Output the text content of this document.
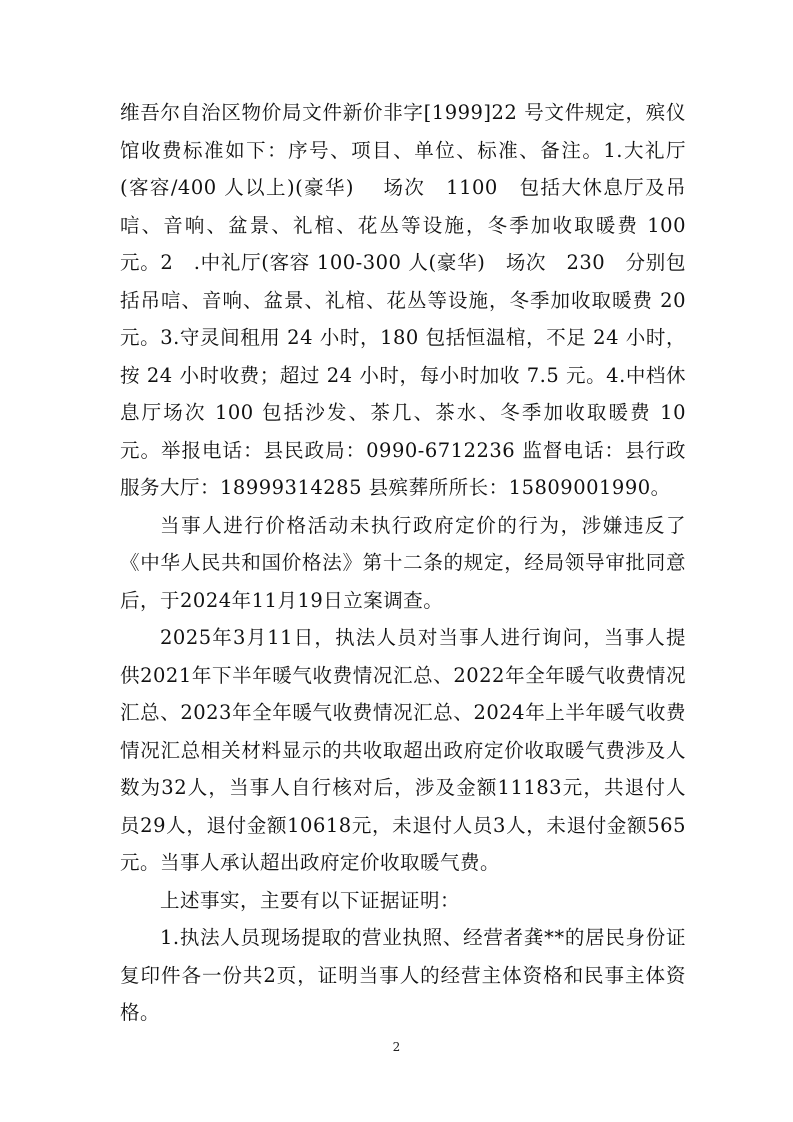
维吾尔自治区物价局文件新价非字[1999]22 号文件规定，殡仪馆收费标准如下：序号、项目、单位、标准、备注。1.大礼厅(客容/400 人以上)(豪华)　 场次　1100　包括大休息厅及吊唁、音响、盆景、礼棺、花丛等设施，冬季加收取暖费 100 元。2　.中礼厅(客容 100-300 人(豪华)　场次　230　分别包括吊唁、音响、盆景、礼棺、花丛等设施，冬季加收取暖费 20 元。3.守灵间租用 24 小时，180 包括恒温棺，不足 24 小时，按 24 小时收费；超过 24 小时，每小时加收 7.5 元。4.中档休息厅场次 100 包括沙发、茶几、茶水、冬季加收取暖费 10 元。举报电话：县民政局：0990-6712236 监督电话：县行政服务大厅：18999314285 县殡葬所所长：15809001990。

当事人进行价格活动未执行政府定价的行为，涉嫌违反了《中华人民共和国价格法》第十二条的规定，经局领导审批同意后，于2024年11月19日立案调查。

2025年3月11日，执法人员对当事人进行询问，当事人提供2021年下半年暖气收费情况汇总、2022年全年暖气收费情况汇总、2023年全年暖气收费情况汇总、2024年上半年暖气收费情况汇总相关材料显示的共收取超出政府定价收取暖气费涉及人数为32人，当事人自行核对后，涉及金额11183元，共退付人员29人，退付金额10618元，未退付人员3人，未退付金额565元。当事人承认超出政府定价收取暖气费。

上述事实，主要有以下证据证明：

1.执法人员现场提取的营业执照、经营者龚**的居民身份证复印件各一份共2页，证明当事人的经营主体资格和民事主体资格。

2
